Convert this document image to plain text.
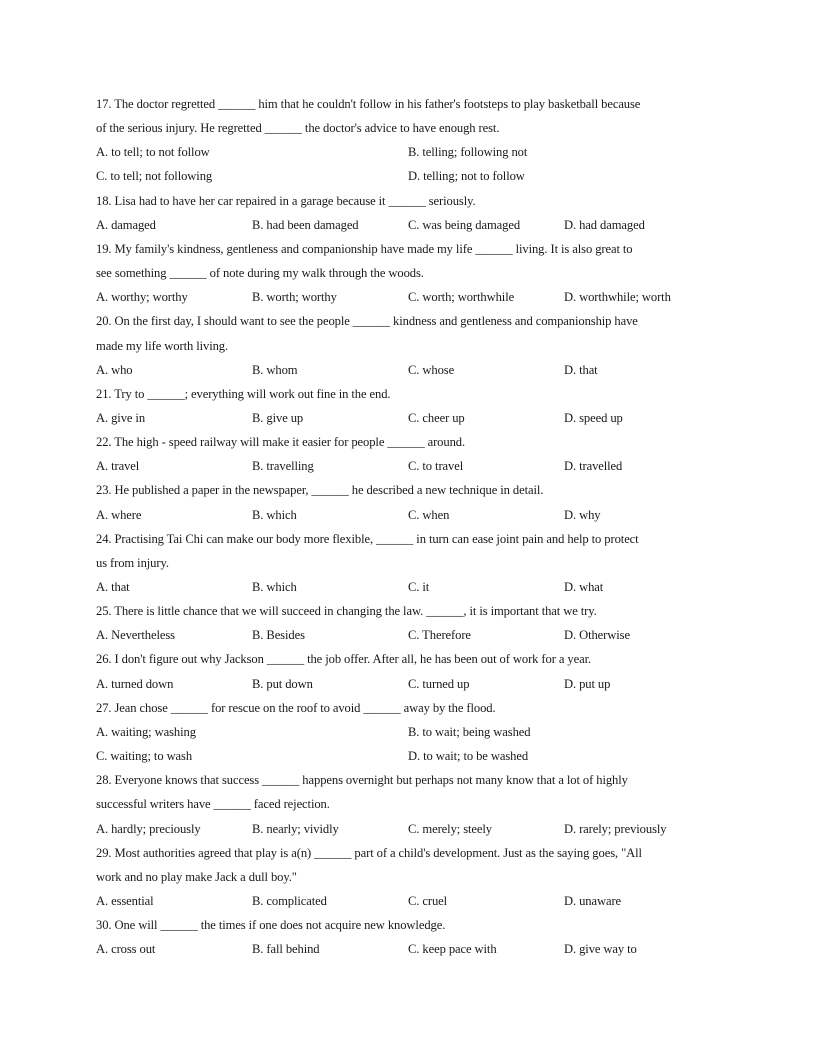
17. The doctor regretted ______ him that he couldn't follow in his father's footsteps to play basketball because
of the serious injury. He regretted ______ the doctor's advice to have enough rest.
A. to tell; to not follow	B. telling; following not
C. to tell; not following	D. telling; not to follow
18. Lisa had to have her car repaired in a garage because it ______ seriously.
A. damaged	B. had been damaged	C. was being damaged	D. had damaged
19. My family's kindness, gentleness and companionship have made my life ______ living. It is also great to
see something ______ of note during my walk through the woods.
A. worthy; worthy	B. worth; worthy	C. worth; worthwhile	D. worthwhile; worth
20. On the first day, I should want to see the people ______ kindness and gentleness and companionship have
made my life worth living.
A. who	B. whom	C. whose	D. that
21. Try to ______; everything will work out fine in the end.
A. give in	B. give up	C. cheer up	D. speed up
22. The high - speed railway will make it easier for people ______ around.
A. travel	B. travelling	C. to travel	D. travelled
23. He published a paper in the newspaper, ______ he described a new technique in detail.
A. where	B. which	C. when	D. why
24. Practising Tai Chi can make our body more flexible, ______ in turn can ease joint pain and help to protect
us from injury.
A. that	B. which	C. it	D. what
25. There is little chance that we will succeed in changing the law. ______, it is important that we try.
A. Nevertheless	B. Besides	C. Therefore	D. Otherwise
26. I don't figure out why Jackson ______ the job offer. After all, he has been out of work for a year.
A. turned down	B. put down	C. turned up	D. put up
27. Jean chose ______ for rescue on the roof to avoid ______ away by the flood.
A. waiting; washing	B. to wait; being washed
C. waiting; to wash	D. to wait; to be washed
28. Everyone knows that success ______ happens overnight but perhaps not many know that a lot of highly
successful writers have ______ faced rejection.
A. hardly; preciously	B. nearly; vividly	C. merely; steely	D. rarely; previously
29. Most authorities agreed that play is a(n) ______ part of a child's development. Just as the saying goes, "All
work and no play make Jack a dull boy."
A. essential	B. complicated	C. cruel	D. unaware
30. One will ______ the times if one does not acquire new knowledge.
A. cross out	B. fall behind	C. keep pace with	D. give way to
